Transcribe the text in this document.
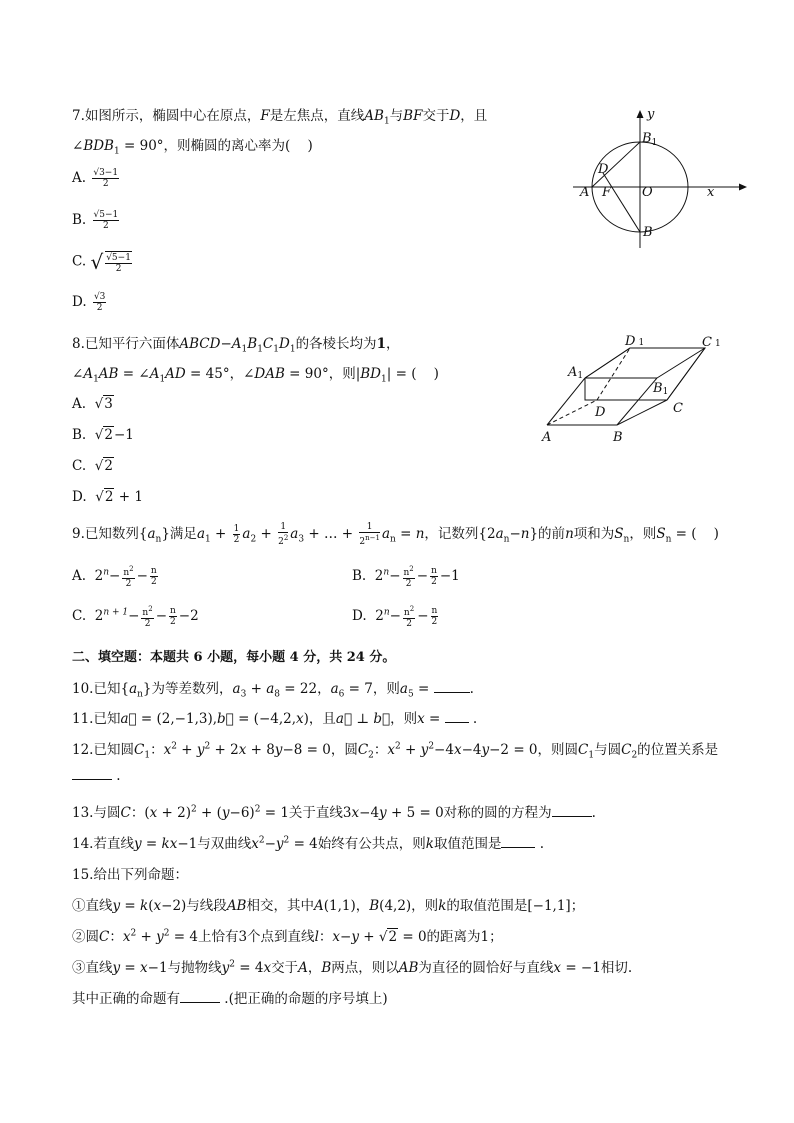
7.如图所示，椭圆中心在原点，F是左焦点，直线$AB_1$与BF交于D，且
$\angle BDB_1 = 90^\circ$，则椭圆的离心率为(    )
A. $\frac{√3-1}{2}$
B. $\frac{√5-1}{2}$
C. √ $\frac{√5-1}{2}$
D. $\frac{√3}{2}$
y
x
$B_1$
D
A F O
B
8.已知平行六面体$ABCD-A_1B_1C_1D_1$的各棱长均为1，
$\angle A_1AB$ = $\angle A_1AD = 45^\circ$，∠DAB = 90°，则$|BD_1|$ = (    )
A.  √3
B.  √2−1
C.  √2
D.  √2 + 1
D 1	C 1
A1
B1
D	C
A	B
9.已知数列$\{a_n\}$满足$a_1 + \frac{1}{2} a_2 + \frac{1}{2^2} a_3$ + … + $\frac{1}{2^{n-1}} a_n = n$，记数列$\{2a_n-n\}$的前n项和为$S_n$，则$S_n$ = (    )
A.  $2^n- \frac{n^2}{2} - \frac{n}{2}$	B.  $2^n- \frac{n^2}{2} - \frac{n}{2} -1$
C.  $2^{n + 1}- \frac{n^2}{2} - \frac{n}{2} -2$	D.  $2^n- \frac{n^2}{2} - \frac{n}{2}$
二、填空题：本题共 6 小题，每小题 4 分，共 24 分。
10.已知$\{a_n\}$为等差数列，$a_3 + a_8 = 22$，$a_6 = 7$，则$a_5$ =	.
11.已知a⃗ = (2,−1,3),b⃗ = (−4,2,x)，且a⃗ ⊥ b⃗，则x =  .
12.已知圆$C_1$：$x^2 + y^2 + 2x + 8y-8 = 0$，圆$C_2$：$x^2 + y^2-4x-4y-2 = 0$，则圆$C_1$与圆$C_2$的位置关系是
.
13.与圆C：$(x + 2)^2 + (y-6)^2 = 1$关于直线3x−4y + 5 = 0对称的圆的方程为	.
14.若直线y = kx−1与双曲线$x^2-y^2 = 4$始终有公共点，则k取值范围是	.
15.给出下列命题：
①直线y = k(x−2)与线段AB相交，其中A(1,1)，B(4,2)，则k的取值范围是[−1,1]；
②圆C：$x^2 + y^2 = 4$上恰有3个点到直线l：x−y + √2 = 0的距离为1；
③直线y = x−1与抛物线$y^2 = 4x$交于A，B两点，则以AB为直径的圆恰好与直线x = −1相切.
其中正确的命题有	.(把正确的命题的序号填上)
